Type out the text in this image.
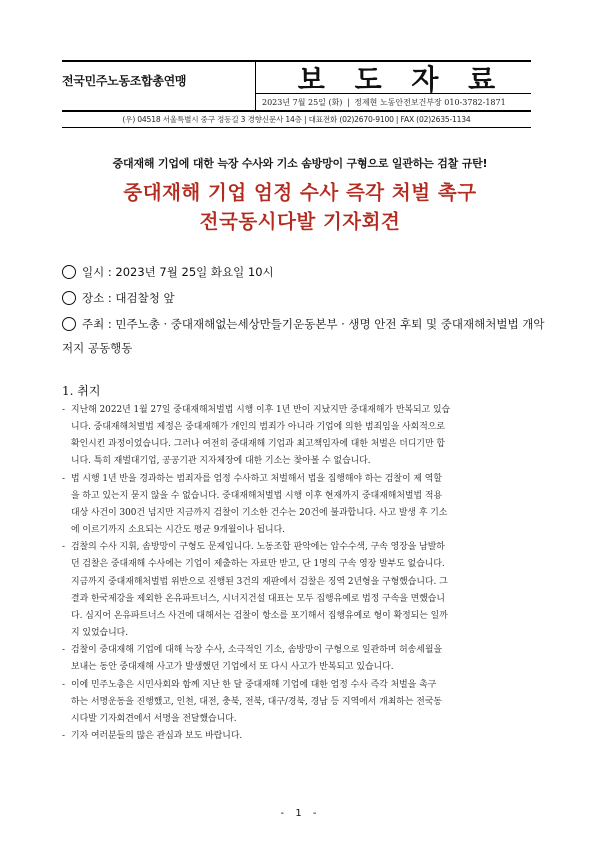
전국민주노동조합총연맹	보 도 자 료
2023년 7월 25일 (화) | 정제현 노동안전보건부장 010-3782-1871
(우) 04518 서울특별시 중구 정동길 3 경향신문사 14층 | 대표전화 (02)2670-9100 | FAX (02)2635-1134
중대재해 기업에 대한 늑장 수사와 기소 솜방망이 구형으로 일관하는 검찰 규탄!
중대재해 기업 엄정 수사 즉각 처벌 촉구
전국동시다발 기자회견
일시 : 2023년 7월 25일 화요일 10시
장소 : 대검찰청 앞
주최 : 민주노총 · 중대재해없는세상만들기운동본부 · 생명 안전 후퇴 및 중대재해처벌법 개악
저지 공동행동
1. 취지
- 지난해 2022년 1월 27일 중대재해처벌법 시행 이후 1년 반이 지났지만 중대재해가 반복되고 있습
니다. 중대재해처벌법 제정은 중대재해가 개인의 범죄가 아니라 기업에 의한 범죄임을 사회적으로
확인시킨 과정이었습니다. 그러나 여전히 중대재해 기업과 최고책임자에 대한 처벌은 더디기만 합
니다. 특히 재벌대기업, 공공기관 지자체장에 대한 기소는 찾아볼 수 없습니다.
- 법 시행 1년 반을 경과하는 범죄자를 엄정 수사하고 처벌해서 법을 집행해야 하는 검찰이 제 역할
을 하고 있는지 묻지 않을 수 없습니다. 중대재해처벌법 시행 이후 현재까지 중대재해처벌법 적용
대상 사건이 300건 넘지만 지금까지 검찰이 기소한 건수는 20건에 불과합니다. 사고 발생 후 기소
에 이르기까지 소요되는 시간도 평균 9개월이나 됩니다.
- 검찰의 수사 지휘, 솜방망이 구형도 문제입니다. 노동조합 판악에는 압수수색, 구속 영장을 남발하
던 검찰은 중대재해 수사에는 기업이 제출하는 자료만 받고, 단 1명의 구속 영장 발부도 없습니다.
지금까지 중대재해처벌법 위반으로 진행된 3건의 재판에서 검찰은 징역 2년형을 구형했습니다. 그
결과 한국제강을 제외한 온유파트너스, 시너지건설 대표는 모두 집행유예로 법정 구속을 면했습니
다. 심지어 온유파트너스 사건에 대해서는 검찰이 항소를 포기해서 집행유예로 형이 확정되는 일까
지 있었습니다.
- 검찰이 중대재해 기업에 대해 늑장 수사, 소극적인 기소, 솜방망이 구형으로 일관하며 허송세월을
보내는 동안 중대재해 사고가 발생했던 기업에서 또 다시 사고가 반복되고 있습니다.
- 이에 민주노총은 시민사회와 함께 지난 한 달 중대재해 기업에 대한 엄정 수사 즉각 처벌을 촉구
하는 서명운동을 진행했고, 인천, 대전, 충북, 전북, 대구/경북, 경남 등 지역에서 개최하는 전국동
시다발 기자회견에서 서명을 전달했습니다.
- 기자 여러분들의 많은 관심과 보도 바랍니다.
- 1 -
